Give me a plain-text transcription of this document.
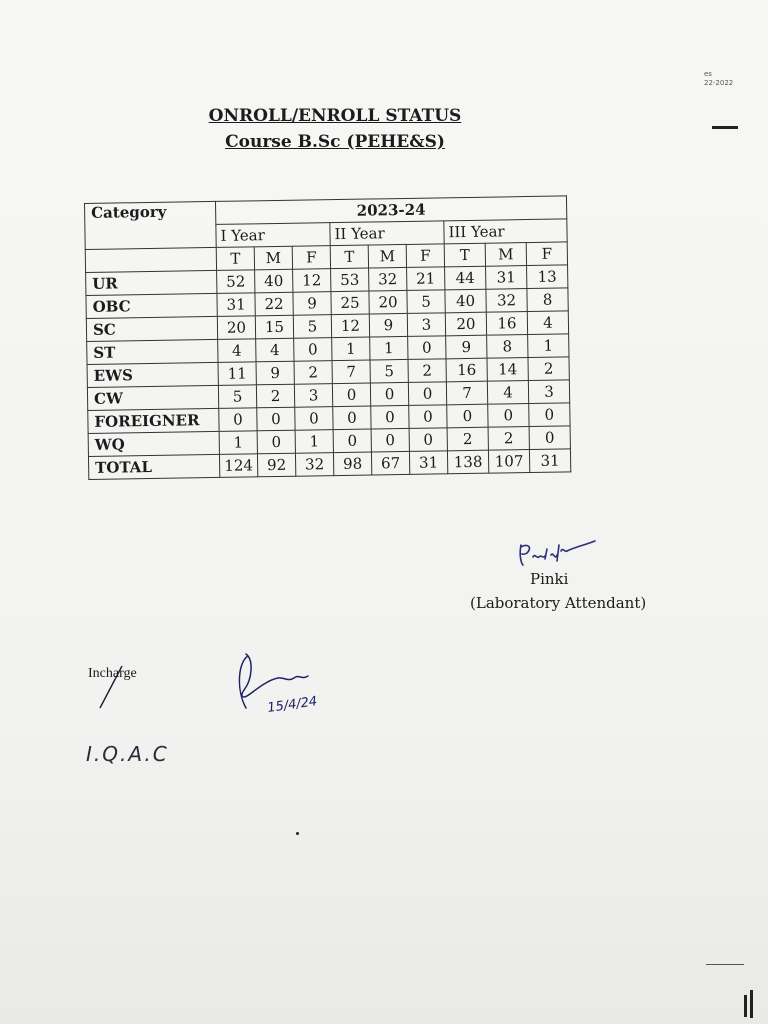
ONROLL/ENROLL STATUS
Course B.Sc (PEHE&S)
Category	2023-24								
	I Year			II Year			III Year		
	T	M	F	T	M	F	T	M	F
UR	52	40	12	53	32	21	44	31	13
OBC	31	22	9	25	20	5	40	32	8
SC	20	15	5	12	9	3	20	16	4
ST	4	4	0	1	1	0	9	8	1
EWS	11	9	2	7	5	2	16	14	2
CW	5	2	3	0	0	0	7	4	3
FOREIGNER	0	0	0	0	0	0	0	0	0
WQ	1	0	1	0	0	0	2	2	0
TOTAL	124	92	32	98	67	31	138	107	31
Pinki
(Laboratory Attendant)
Incharge
15/4/24
I.Q.A.C
es
22-2022
